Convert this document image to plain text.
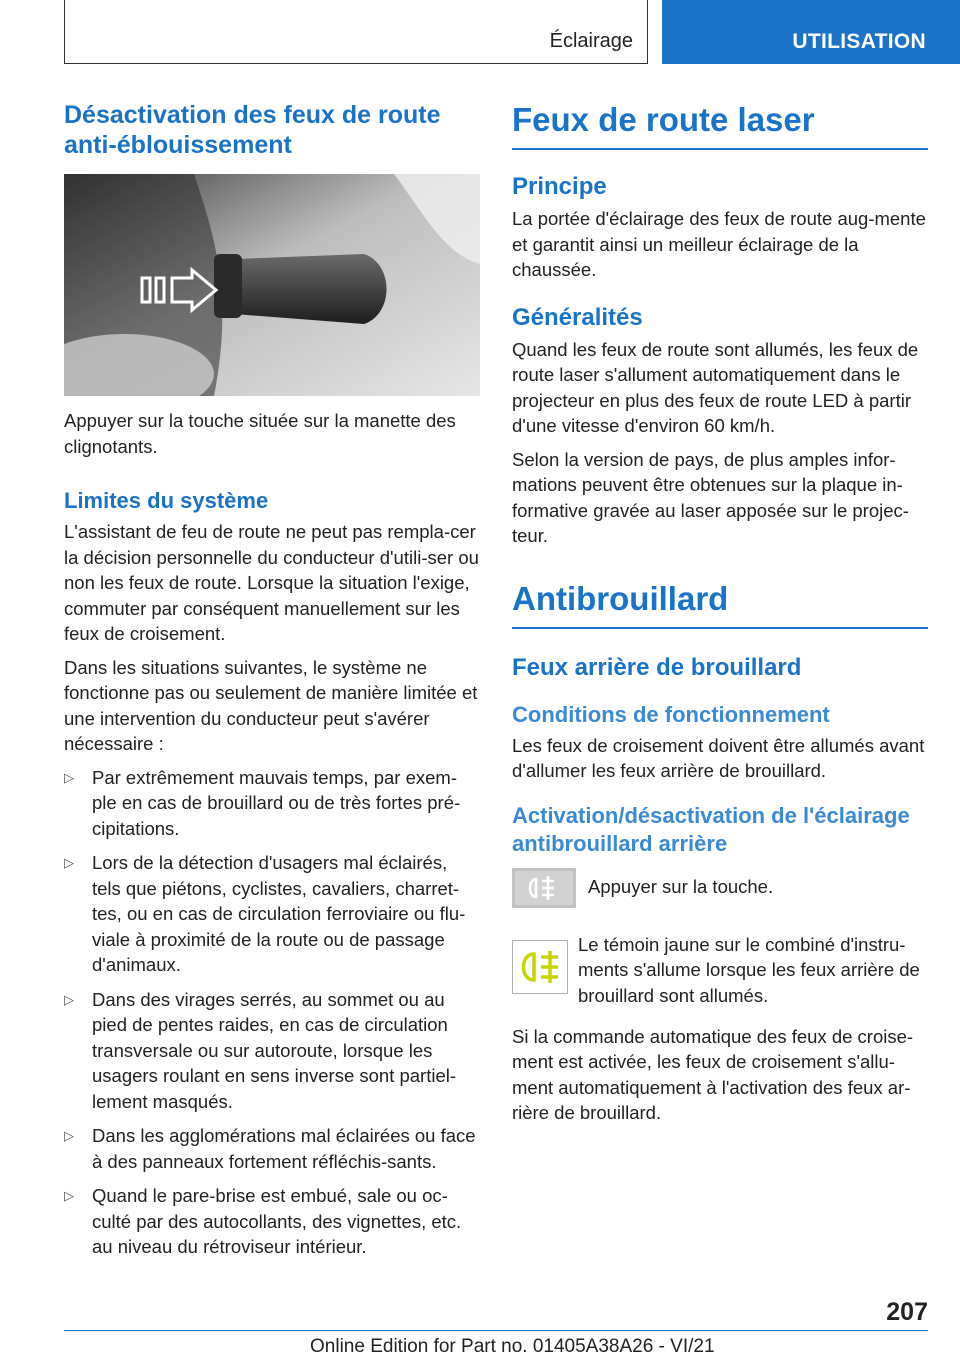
Éclairage	UTILISATION
Désactivation des feux de route anti-éblouissement

Appuyer sur la touche située sur la manette des clignotants.

Limites du système

L'assistant de feu de route ne peut pas rempla-cer la décision personnelle du conducteur d'utili-ser ou non les feux de route. Lorsque la situation l'exige, commuter par conséquent manuellement sur les feux de croisement.

Dans les situations suivantes, le système ne fonctionne pas ou seulement de manière limitée et une intervention du conducteur peut s'avérer nécessaire :

▷ Par extrêmement mauvais temps, par exem-ple en cas de brouillard ou de très fortes pré-cipitations.
▷ Lors de la détection d'usagers mal éclairés, tels que piétons, cyclistes, cavaliers, charret-tes, ou en cas de circulation ferroviaire ou flu-viale à proximité de la route ou de passage d'animaux.
▷ Dans des virages serrés, au sommet ou au pied de pentes raides, en cas de circulation transversale ou sur autoroute, lorsque les usagers roulant en sens inverse sont partiel-lement masqués.
▷ Dans les agglomérations mal éclairées ou face à des panneaux fortement réfléchis-sants.
▷ Quand le pare-brise est embué, sale ou oc-culté par des autocollants, des vignettes, etc. au niveau du rétroviseur intérieur.
Feux de route laser
Principe

La portée d'éclairage des feux de route aug-mente et garantit ainsi un meilleur éclairage de la chaussée.

Généralités

Quand les feux de route sont allumés, les feux de route laser s'allument automatiquement dans le projecteur en plus des feux de route LED à partir d'une vitesse d'environ 60 km/h.

Selon la version de pays, de plus amples infor-mations peuvent être obtenues sur la plaque in-formative gravée au laser apposée sur le projec-teur.

Antibrouillard
Feux arrière de brouillard
Conditions de fonctionnement

Les feux de croisement doivent être allumés avant d'allumer les feux arrière de brouillard.

Activation/désactivation de l'éclairage antibrouillard arrière

Appuyer sur la touche.

Le témoin jaune sur le combiné d'instru-ments s'allume lorsque les feux arrière de brouillard sont allumés.

Si la commande automatique des feux de croise-ment est activée, les feux de croisement s'allu-ment automatiquement à l'activation des feux ar-rière de brouillard.

207
Online Edition for Part no. 01405A38A26 - VI/21
